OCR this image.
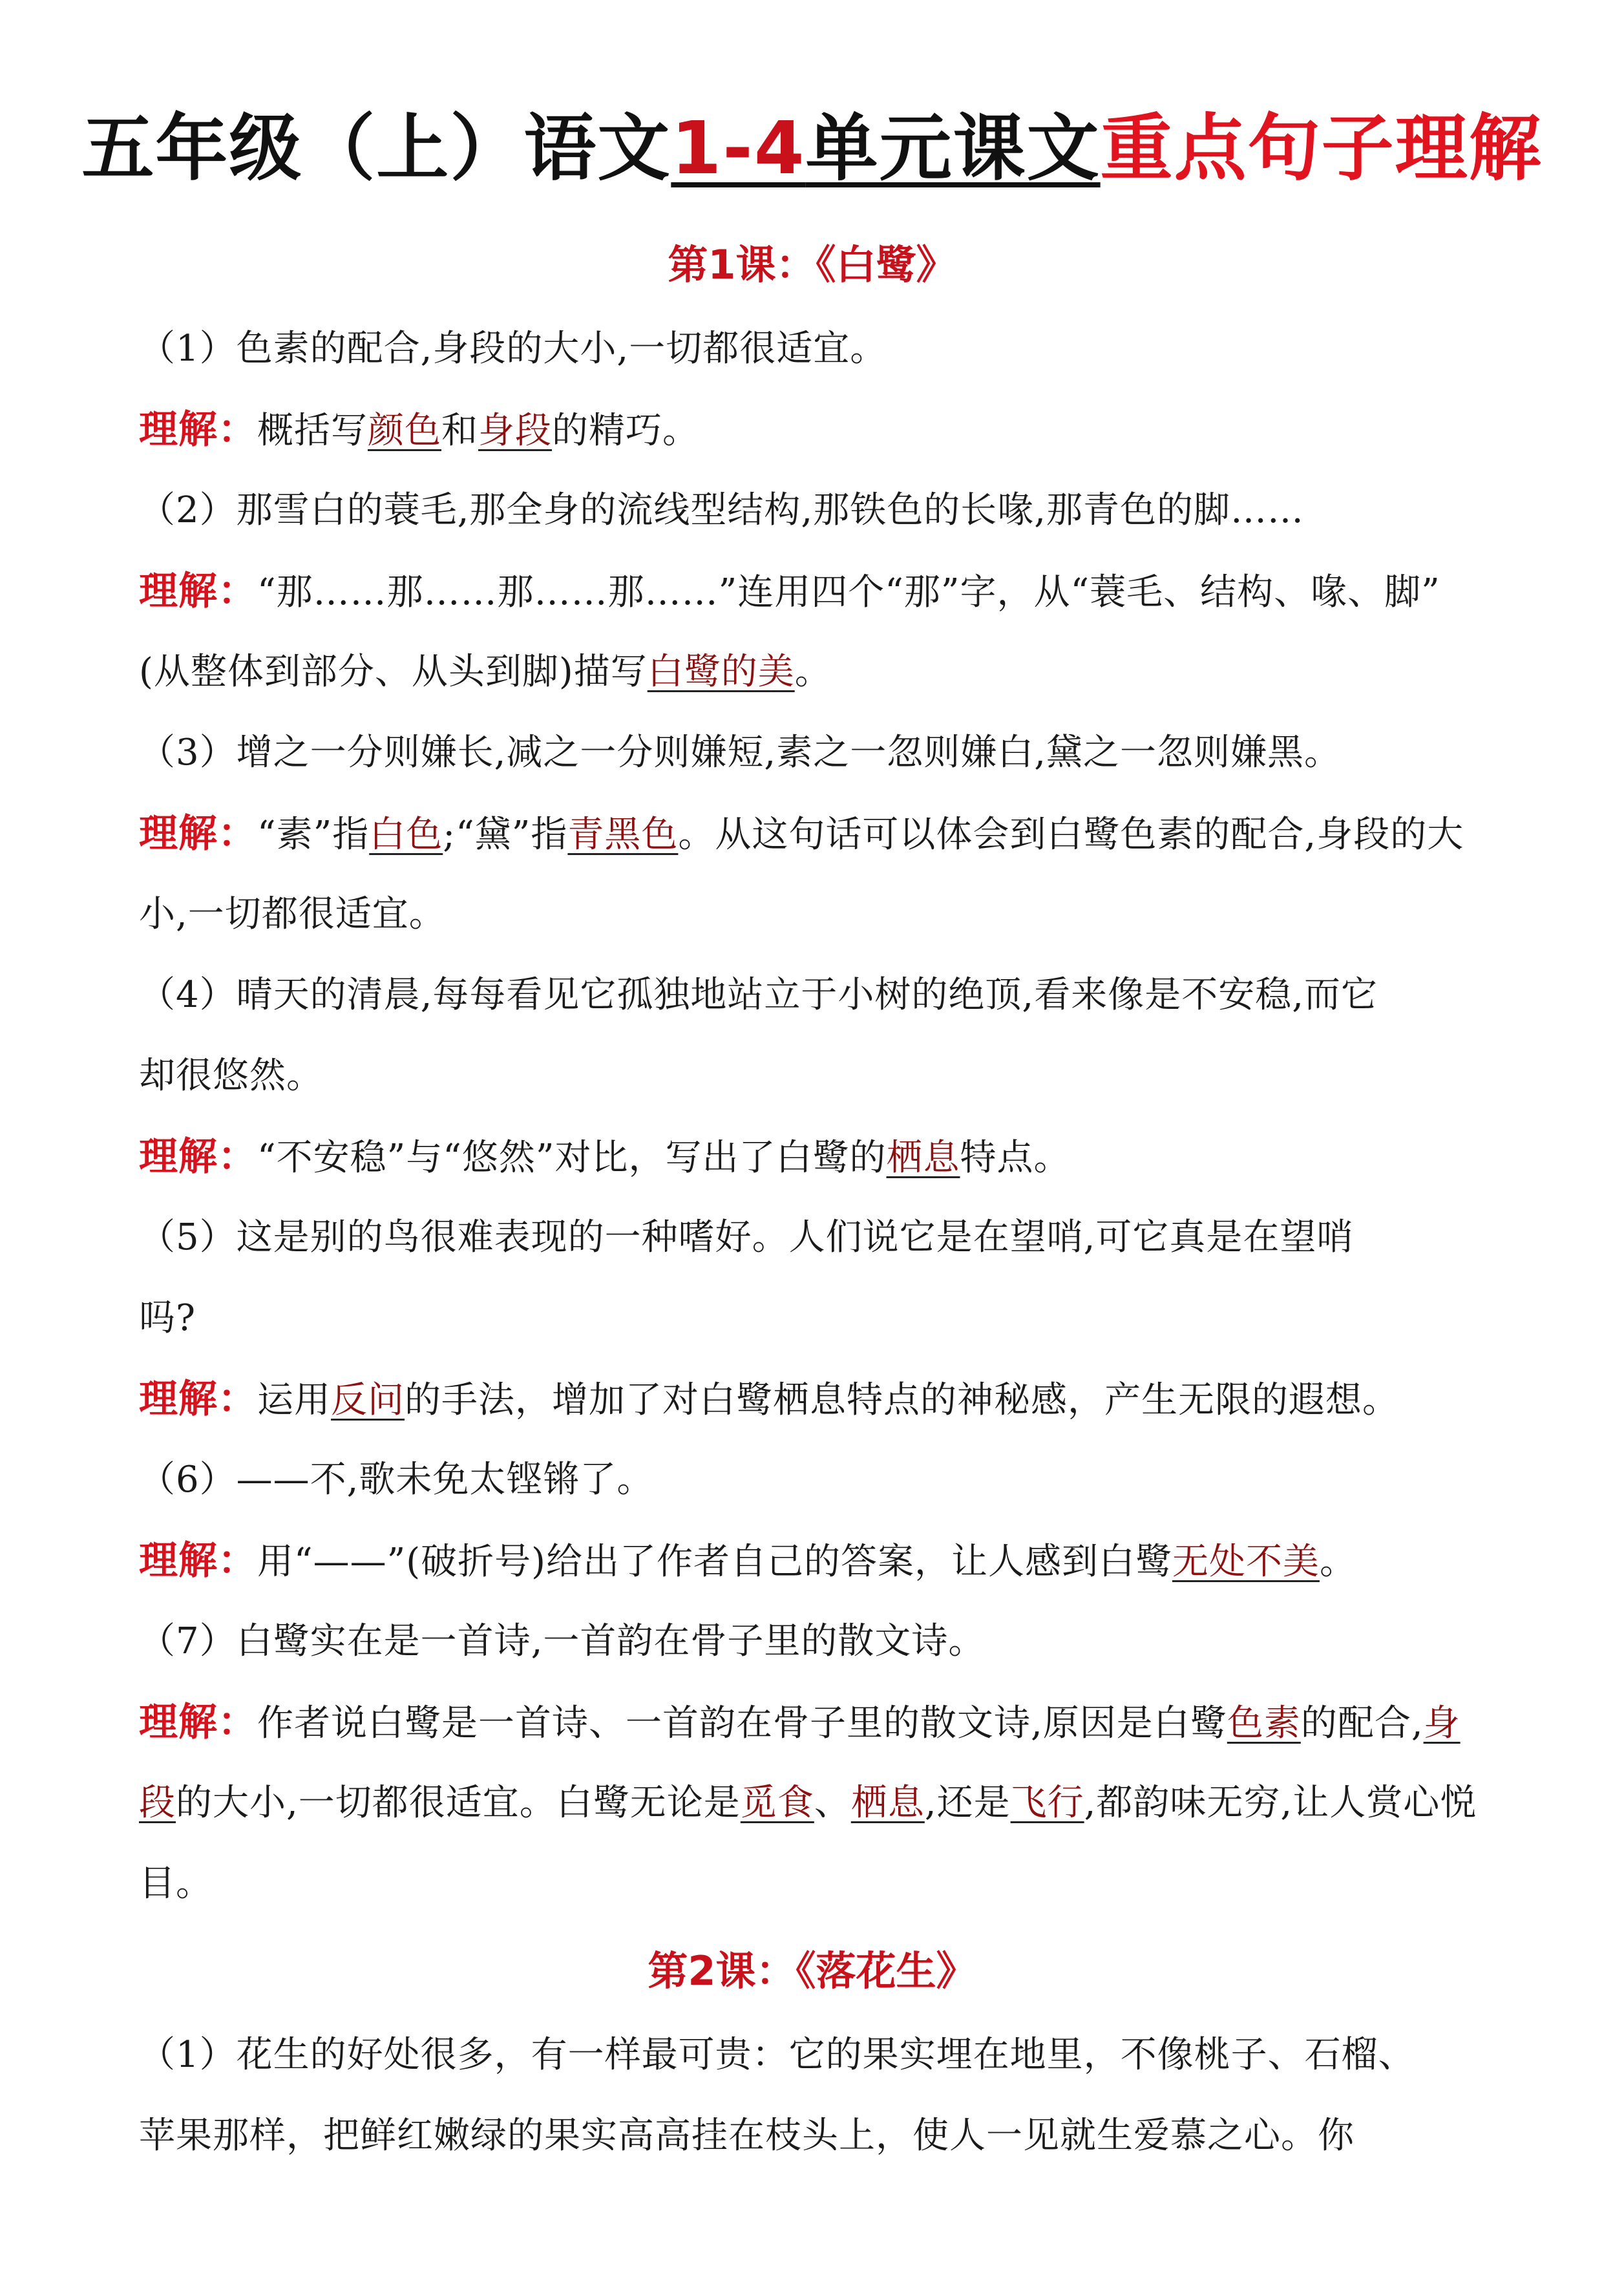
五年级（上）语文1-4单元课文重点句子理解
第1课：《白鹭》
（1）色素的配合,身段的大小,一切都很适宜。
理解：概括写颜色和身段的精巧。
（2）那雪白的蓑毛,那全身的流线型结构,那铁色的长喙,那青色的脚……
理解：“那……那……那……那……”连用四个“那”字，从“蓑毛、结构、喙、脚”
(从整体到部分、从头到脚)描写白鹭的美。
（3）增之一分则嫌长,减之一分则嫌短,素之一忽则嫌白,黛之一忽则嫌黑。
理解：“素”指白色;“黛”指青黑色。从这句话可以体会到白鹭色素的配合,身段的大
小,一切都很适宜。
（4）晴天的清晨,每每看见它孤独地站立于小树的绝顶,看来像是不安稳,而它
却很悠然。
理解：“不安稳”与“悠然”对比，写出了白鹭的栖息特点。
（5）这是别的鸟很难表现的一种嗜好。人们说它是在望哨,可它真是在望哨
吗?
理解：运用反问的手法，增加了对白鹭栖息特点的神秘感，产生无限的遐想。
（6）——不,歌未免太铿锵了。
理解：用“——”(破折号)给出了作者自己的答案，让人感到白鹭无处不美。
（7）白鹭实在是一首诗,一首韵在骨子里的散文诗。
理解：作者说白鹭是一首诗、一首韵在骨子里的散文诗,原因是白鹭色素的配合,身
段的大小,一切都很适宜。白鹭无论是觅食、栖息,还是飞行,都韵味无穷,让人赏心悦
目。
第2课：《落花生》
（1）花生的好处很多，有一样最可贵：它的果实埋在地里，不像桃子、石榴、
苹果那样，把鲜红嫩绿的果实高高挂在枝头上，使人一见就生爱慕之心。你
